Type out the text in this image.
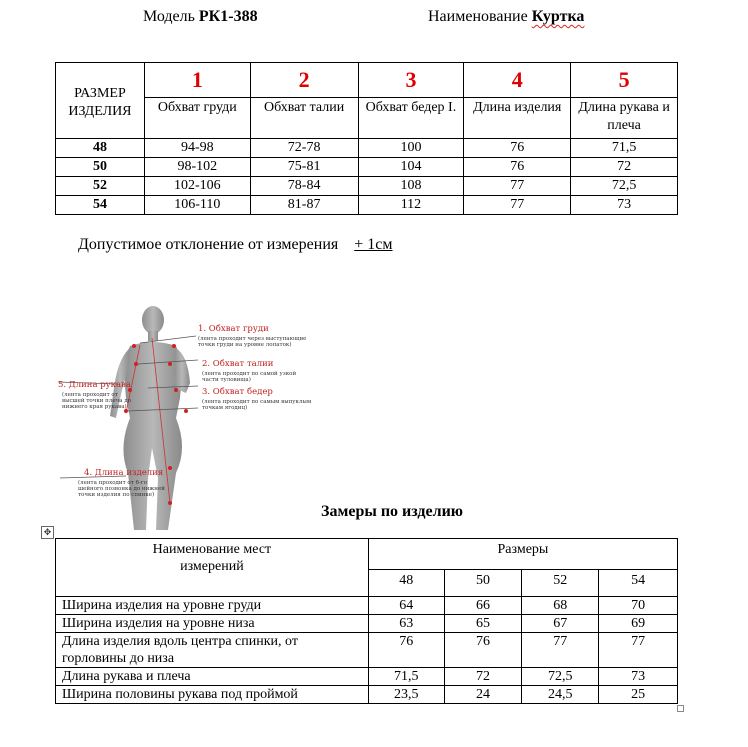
Модель РК1-388	Наименование Куртка
РАЗМЕР ИЗДЕЛИЯ	1	2	3	4	5
	Обхват груди	Обхват талии	Обхват бедер I.	Длина изделия	Длина рукава и плеча
48	94-98	72-78	100	76	71,5
50	98-102	75-81	104	76	72
52	102-106	78-84	108	77	72,5
54	106-110	81-87	112	77	73
Допустимое отклонение от измерения + 1см
1. Обхват груди
(лента проходит через выступающие
точки груди на уровне лопаток)
2. Обхват талии
(лента проходит по самой узкой
части туловища)
3. Обхват бедер
(лента проходит по самым выпуклым
точкам ягодиц)
5. Длина рукава
(лента проходит от
высшей точки плеча до
нижнего края рукава)
4. Длина изделия
(лента проходит от 6-го
шейного позвонка до нижней
точки изделия по спинке)
Замеры по изделию
✥
Наименование мест измерений	Размеры			
	48	50	52	54
Ширина изделия на уровне груди	64	66	68	70
Ширина изделия на уровне низа	63	65	67	69
Длина изделия вдоль центра спинки, от горловины до низа	76	76	77	77
Длина рукава и плеча	71,5	72	72,5	73
Ширина половины рукава под проймой	23,5	24	24,5	25
